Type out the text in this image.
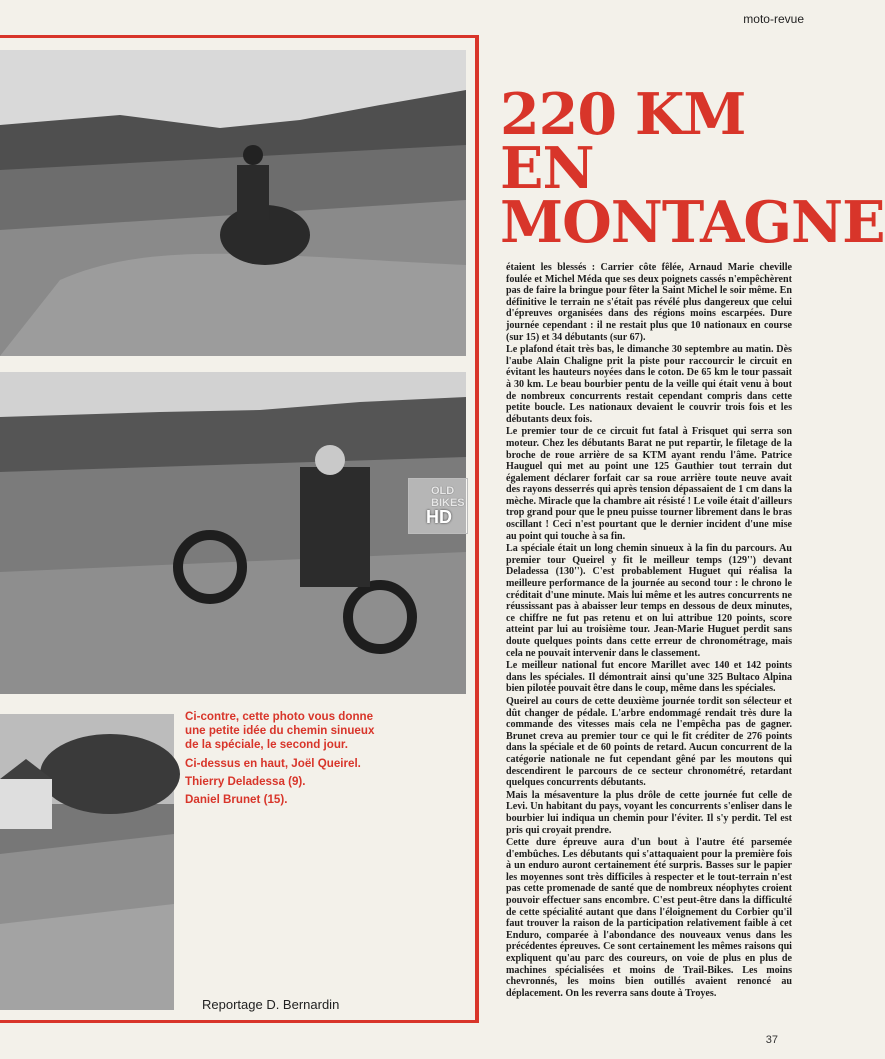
moto-revue
OLD BIKES
HD
220 KM
EN
MONTAGNE

étaient les blessés : Carrier côte fêlée, Arnaud Marie cheville foulée et Michel Méda que ses deux poignets cassés n'empêchèrent pas de faire la bringue pour fêter la Saint Michel le soir même. En définitive le terrain ne s'était pas révélé plus dangereux que celui d'épreuves organisées dans des régions moins escarpées. Dure journée cependant : il ne restait plus que 10 nationaux en course (sur 15) et 34 débutants (sur 67).

Le plafond était très bas, le dimanche 30 septembre au matin. Dès l'aube Alain Chaligne prit la piste pour raccourcir le circuit en évitant les hauteurs noyées dans le coton. De 65 km le tour passait à 30 km. Le beau bourbier pentu de la veille qui était venu à bout de nombreux concurrents restait cependant compris dans cette petite boucle. Les nationaux devaient le couvrir trois fois et les débutants deux fois.

Le premier tour de ce circuit fut fatal à Frisquet qui serra son moteur. Chez les débutants Barat ne put repartir, le filetage de la broche de roue arrière de sa KTM ayant rendu l'âme. Patrice Hauguel qui met au point une 125 Gauthier tout terrain dut également déclarer forfait car sa roue arrière toute neuve avait des rayons desserrés qui après tension dépassaient de 1 cm dans la mèche. Miracle que la chambre ait résisté ! Le voile était d'ailleurs trop grand pour que le pneu puisse tourner librement dans le bras oscillant ! Ceci n'est pourtant que le dernier incident d'une mise au point qui touche à sa fin.

La spéciale était un long chemin sinueux à la fin du parcours. Au premier tour Queirel y fit le meilleur temps (129'') devant Deladessa (130''). C'est probablement Huguet qui réalisa la meilleure performance de la journée au second tour : le chrono le créditait d'une minute. Mais lui même et les autres concurrents ne réussissant pas à abaisser leur temps en dessous de deux minutes, ce chiffre ne fut pas retenu et on lui attribue 120 points, score atteint par lui au troisième tour. Jean-Marie Huguet perdit sans doute quelques points dans cette erreur de chronométrage, mais cela ne pouvait intervenir dans le classement.

Le meilleur national fut encore Marillet avec 140 et 142 points dans les spéciales. Il démontrait ainsi qu'une 325 Bultaco Alpina bien pilotée pouvait être dans le coup, même dans les spéciales.

Queirel au cours de cette deuxième journée tordit son sélecteur et dût changer de pédale. L'arbre endommagé rendait très dure la commande des vitesses mais cela ne l'empêcha pas de gagner. Brunet creva au premier tour ce qui le fit créditer de 276 points dans la spéciale et de 60 points de retard. Aucun concurrent de la catégorie nationale ne fut cependant gêné par les moutons qui descendirent le parcours de ce secteur chronométré, retardant quelques concurrents débutants.

Mais la mésaventure la plus drôle de cette journée fut celle de Levi. Un habitant du pays, voyant les concurrents s'enliser dans le bourbier lui indiqua un chemin pour l'éviter. Il s'y perdit. Tel est pris qui croyait prendre.

Cette dure épreuve aura d'un bout à l'autre été parsemée d'embûches. Les débutants qui s'attaquaient pour la première fois à un enduro auront certainement été surpris. Basses sur le papier les moyennes sont très difficiles à respecter et le tout-terrain n'est pas cette promenade de santé que de nombreux néophytes croient pouvoir effectuer sans encombre. C'est peut-être dans la difficulté de cette spécialité autant que dans l'éloignement du Corbier qu'il faut trouver la raison de la participation relativement faible à cet Enduro, comparée à l'abondance des nouveaux venus dans les précédentes épreuves. Ce sont certainement les mêmes raisons qui expliquent qu'au parc des coureurs, on voie de plus en plus de machines spécialisées et moins de Trail-Bikes. Les moins chevronnés, les moins bien outillés avaient renoncé au déplacement. On les reverra sans doute à Troyes.

Ci-contre, cette photo vous donne une petite idée du chemin sinueux de la spéciale, le second jour.

Ci-dessus en haut, Joël Queirel.

Thierry Deladessa (9).

Daniel Brunet (15).

Reportage D. Bernardin
37
